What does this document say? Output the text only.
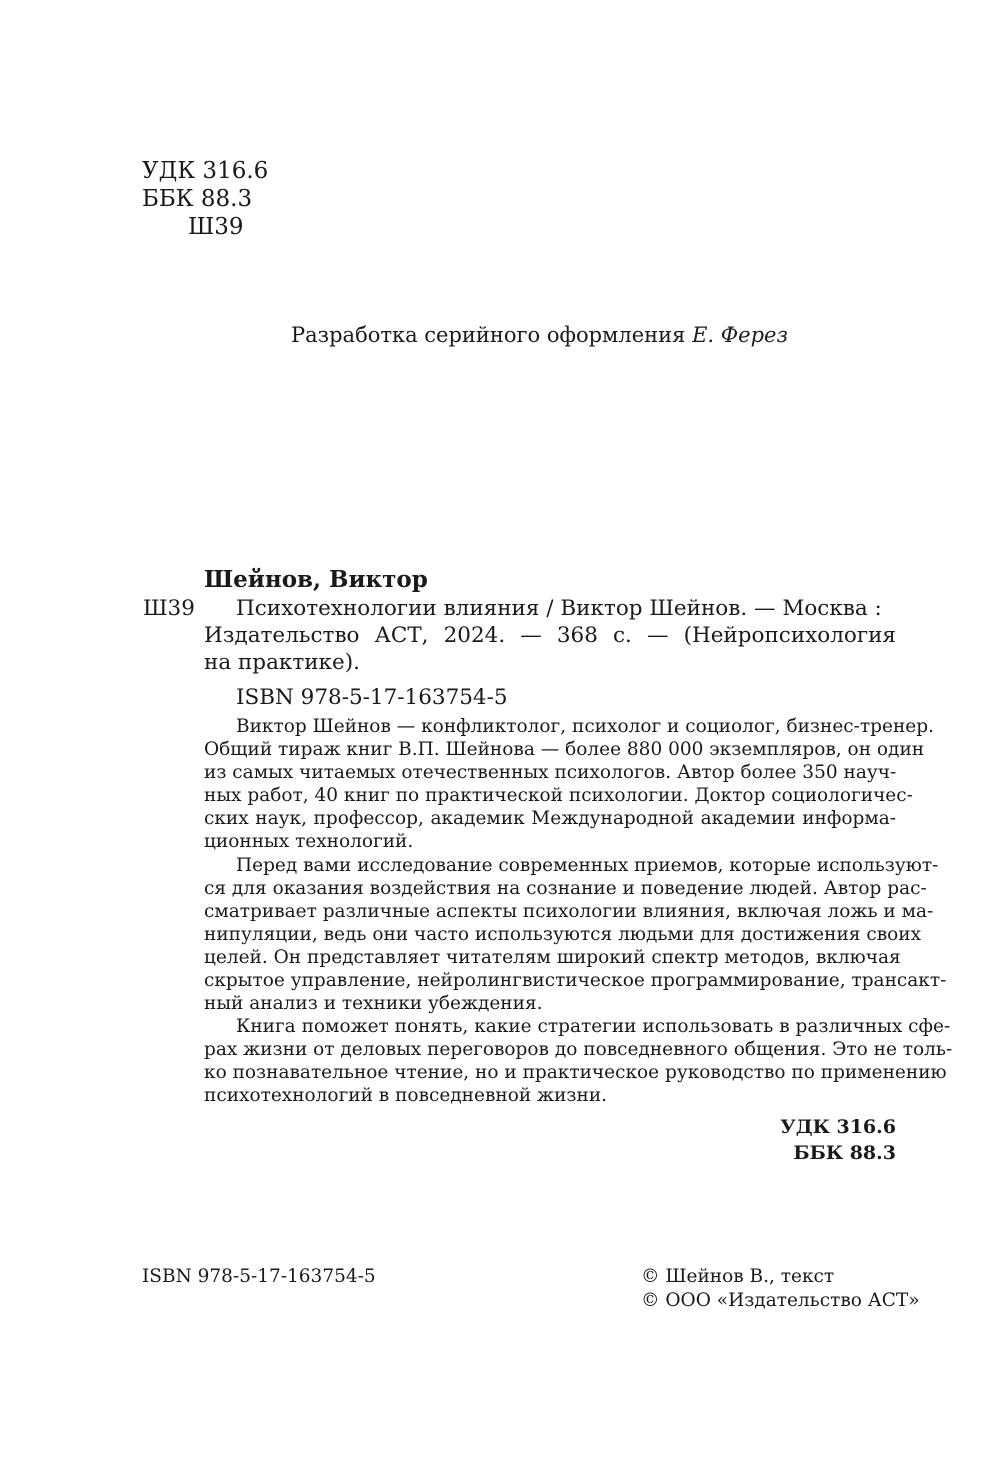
УДК 316.6
ББК 88.3
Ш39
Разработка серийного оформления Е. Ферез
Шейнов, Виктор
Ш39 Психотехнологии влияния / Виктор Шейнов. — Москва :
Издательство АСТ, 2024. — 368 с. — (Нейропсихология
на практике).
ISBN 978-5-17-163754-5
Виктор Шейнов — конфликтолог, психолог и социолог, бизнес-тренер.
Общий тираж книг В.П. Шейнова — более 880 000 экземпляров, он один
из самых читаемых отечественных психологов. Автор более 350 науч-
ных работ, 40 книг по практической психологии. Доктор социологичес-
ских наук, профессор, академик Международной академии информа-
ционных технологий.
Перед вами исследование современных приемов, которые используют-
ся для оказания воздействия на сознание и поведение людей. Автор рас-
сматривает различные аспекты психологии влияния, включая ложь и ма-
нипуляции, ведь они часто используются людьми для достижения своих
целей. Он представляет читателям широкий спектр методов, включая
скрытое управление, нейролингвистическое программирование, трансакт-
ный анализ и техники убеждения.
Книга поможет понять, какие стратегии использовать в различных сфе-
рах жизни от деловых переговоров до повседневного общения. Это не толь-
ко познавательное чтение, но и практическое руководство по применению
психотехнологий в повседневной жизни.
УДК 316.6
ББК 88.3
ISBN 978-5-17-163754-5	© Шейнов В., текст
© ООО «Издательство АСТ»
